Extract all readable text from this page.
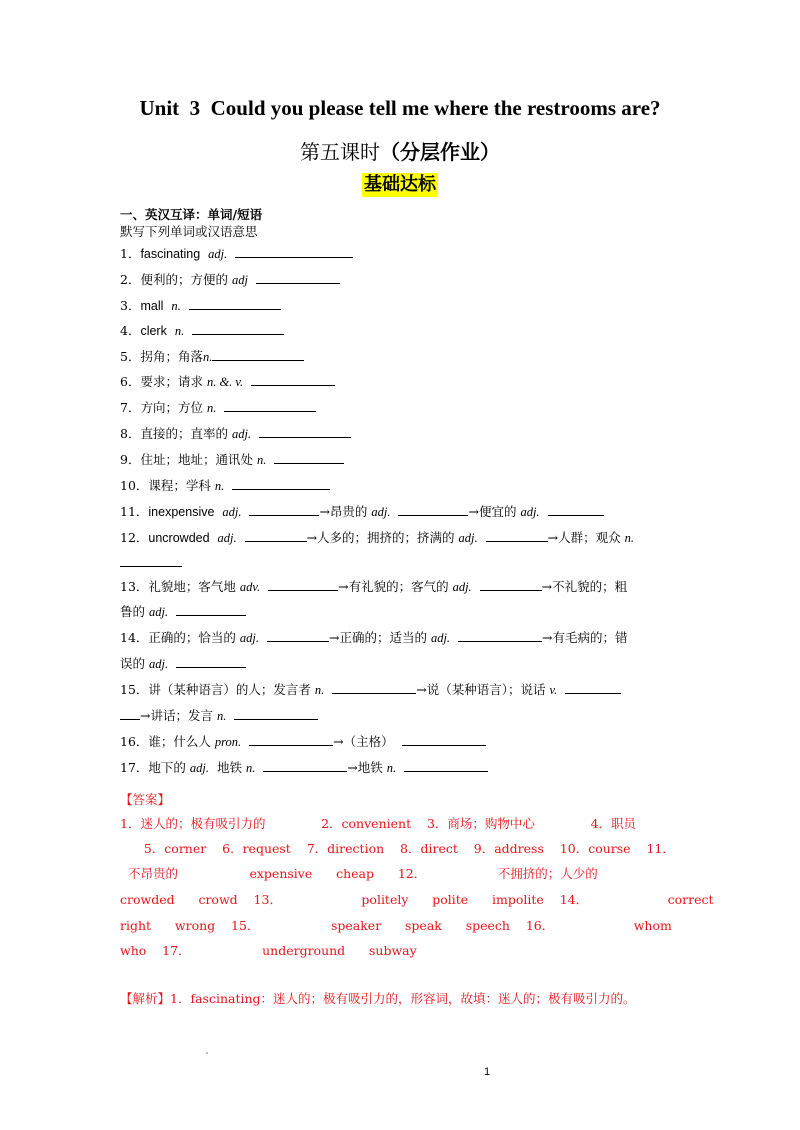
Unit  3  Could you please tell me where the restrooms are?
第五课时（分层作业）
基础达标
一、英汉互译：单词/短语
默写下列单词或汉语意思
1．fascinating adj.
2．便利的；方便的 adj
3．mall n.
4．clerk n.
5．拐角；角落n.
6．要求；请求 n. &. v.
7．方向；方位 n.
8．直接的；直率的 adj.
9．住址；地址；通讯处 n.
10．课程；学科 n.
11．inexpensive adj.	→昂贵的 adj.	→便宜的 adj.
12．uncrowded adj.	→人多的；拥挤的；挤满的 adj.	→人群；观众 n.
13．礼貌地；客气地 adv.	→有礼貌的；客气的 adj.	→不礼貌的；粗
鲁的 adj.
14．正确的；恰当的 adj.	→正确的；适当的 adj.	→有毛病的；错
误的 adj.
15．讲（某种语言）的人；发言者 n.	→说（某种语言）；说话 v.
→讲话；发言 n.
16．谁；什么人 pron.	→（主格）
17．地下的 adj. 地铁 n.	→地铁 n.
【答案】
1．迷人的；极有吸引力的              2．convenient    3．商场；购物中心              4．职员
5．corner    6．request    7．direction    8．direct    9．address    10．course    11．
不昂贵的                  expensive      cheap      12．                  不拥挤的；人少的
crowded      crowd    13．                    politely      polite      impolite    14．                    correct
right      wrong    15．                  speaker      speak      speech    16．                    whom
who    17．                  underground      subway
【解析】1．fascinating：迷人的；极有吸引力的，形容词，故填：迷人的；极有吸引力的。
1
